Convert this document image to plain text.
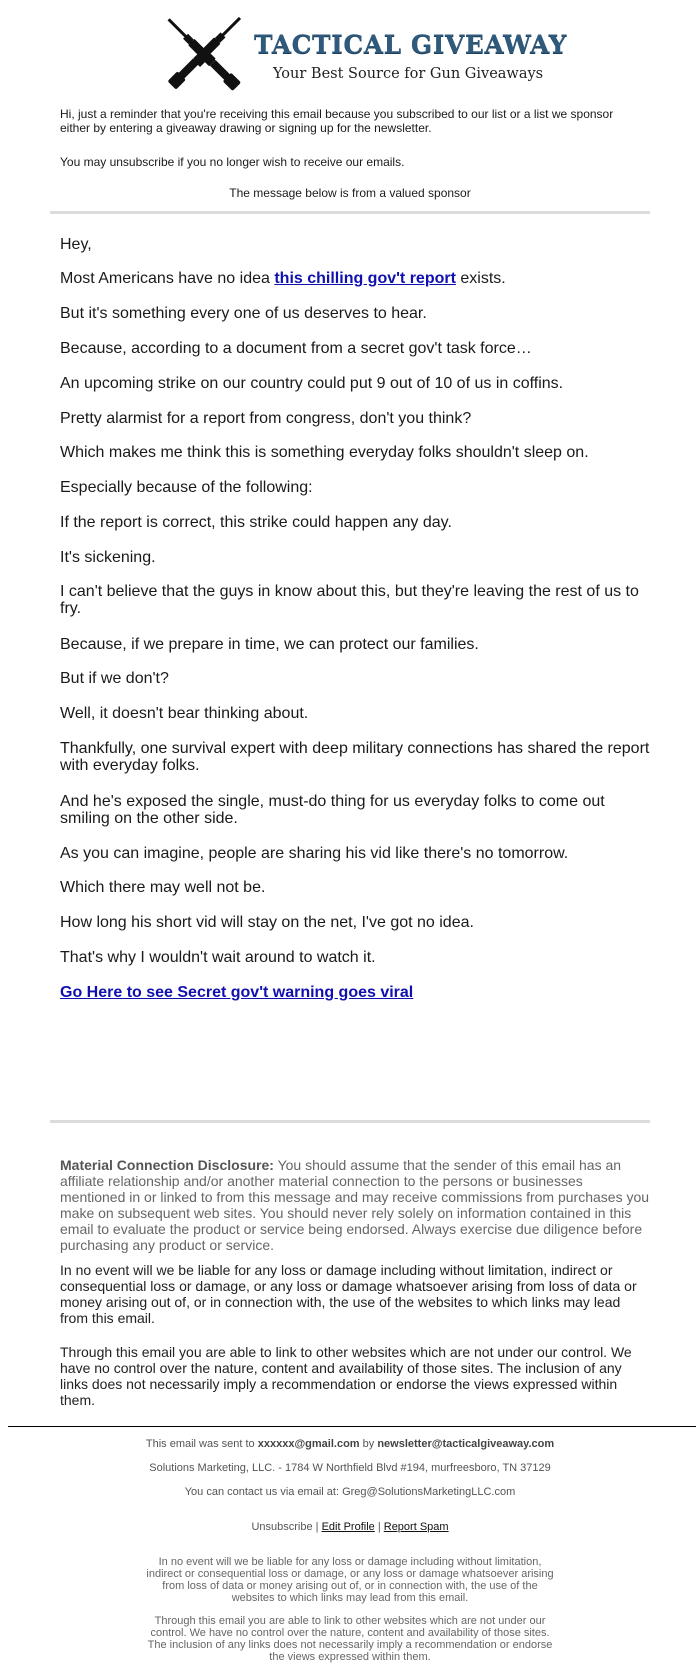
TACTICAL GIVEAWAY
Your Best Source for Gun Giveaways
Hi, just a reminder that you're receiving this email because you subscribed to our list or a list we sponsor either by entering a giveaway drawing or signing up for the newsletter.
You may unsubscribe if you no longer wish to receive our emails.
The message below is from a valued sponsor

Hey,

Most Americans have no idea this chilling gov't report exists.

But it's something every one of us deserves to hear.

Because, according to a document from a secret gov't task force…

An upcoming strike on our country could put 9 out of 10 of us in coffins.

Pretty alarmist for a report from congress, don't you think?

Which makes me think this is something everyday folks shouldn't sleep on.

Especially because of the following:

If the report is correct, this strike could happen any day.

It's sickening.

I can't believe that the guys in know about this, but they're leaving the rest of us to fry.

Because, if we prepare in time, we can protect our families.

But if we don't?

Well, it doesn't bear thinking about.

Thankfully, one survival expert with deep military connections has shared the report with everyday folks.

And he's exposed the single, must-do thing for us everyday folks to come out smiling on the other side.

As you can imagine, people are sharing his vid like there's no tomorrow.

Which there may well not be.

How long his short vid will stay on the net, I've got no idea.

That's why I wouldn't wait around to watch it.

Go Here to see Secret gov't warning goes viral

Material Connection Disclosure: You should assume that the sender of this email has an affiliate relationship and/or another material connection to the persons or businesses mentioned in or linked to from this message and may receive commissions from purchases you make on subsequent web sites. You should never rely solely on information contained in this email to evaluate the product or service being endorsed. Always exercise due diligence before purchasing any product or service.

In no event will we be liable for any loss or damage including without limitation, indirect or consequential loss or damage, or any loss or damage whatsoever arising from loss of data or money arising out of, or in connection with, the use of the websites to which links may lead from this email.

Through this email you are able to link to other websites which are not under our control. We have no control over the nature, content and availability of those sites. The inclusion of any links does not necessarily imply a recommendation or endorse the views expressed within them.

This email was sent to xxxxxx@gmail.com by newsletter@tacticalgiveaway.com
Solutions Marketing, LLC. - 1784 W Northfield Blvd #194, murfreesboro, TN 37129
You can contact us via email at: Greg@SolutionsMarketingLLC.com
Unsubscribe | Edit Profile | Report Spam
In no event will we be liable for any loss or damage including without limitation, indirect or consequential loss or damage, or any loss or damage whatsoever arising from loss of data or money arising out of, or in connection with, the use of the websites to which links may lead from this email.
Through this email you are able to link to other websites which are not under our control. We have no control over the nature, content and availability of those sites. The inclusion of any links does not necessarily imply a recommendation or endorse the views expressed within them.
